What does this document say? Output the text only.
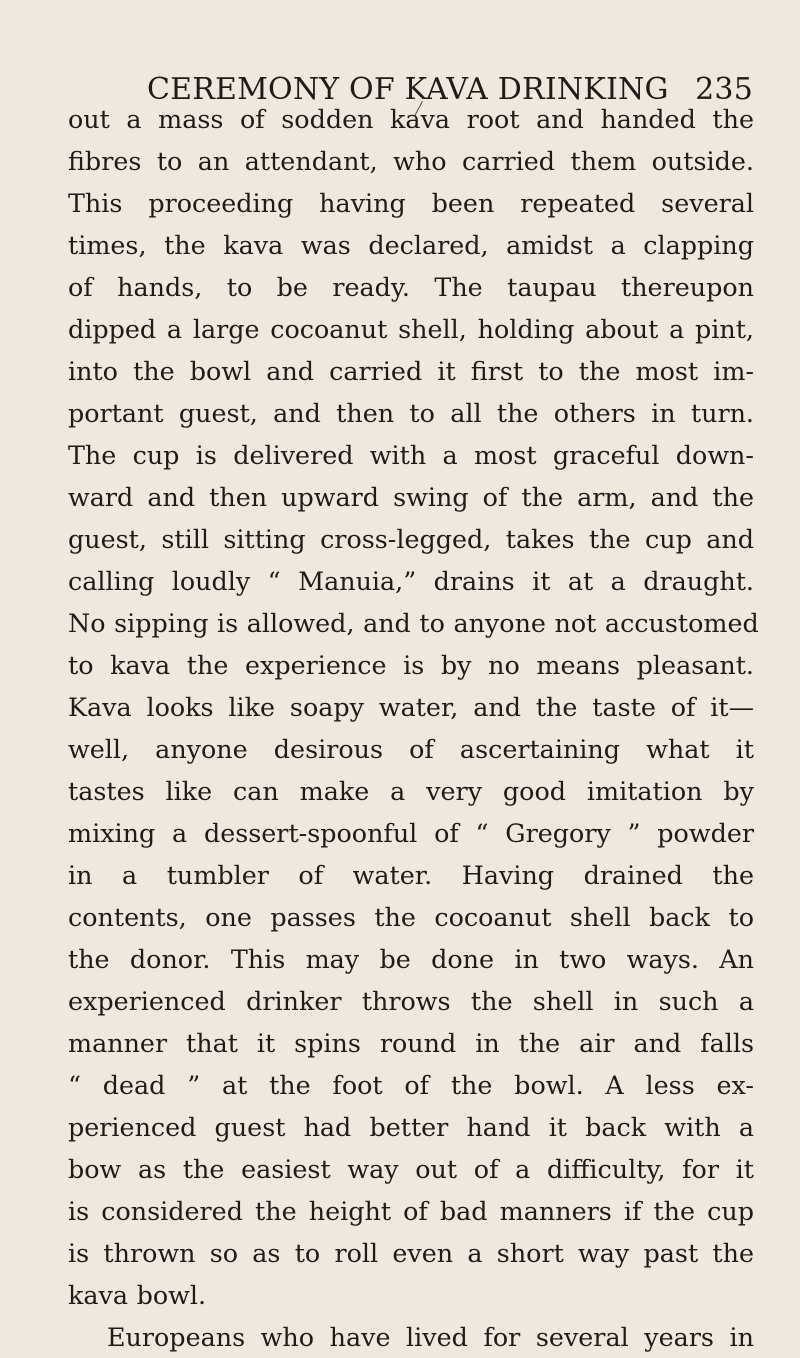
CEREMONY OF KAVA DRINKING 235
out a mass of sodden kava root and handed the
fibres to an attendant, who carried them outside.
This proceeding having been repeated several
times, the kava was declared, amidst a clapping
of hands, to be ready. The taupau thereupon
dipped a large cocoanut shell, holding about a pint,
into the bowl and carried it first to the most im-
portant guest, and then to all the others in turn.
The cup is delivered with a most graceful down-
ward and then upward swing of the arm, and the
guest, still sitting cross-legged, takes the cup and
calling loudly “ Manuia,” drains it at a draught.
No sipping is allowed, and to anyone not accustomed
to kava the experience is by no means pleasant.
Kava looks like soapy water, and the taste of it—
well, anyone desirous of ascertaining what it
tastes like can make a very good imitation by
mixing a dessert-spoonful of “ Gregory ” powder
in a tumbler of water. Having drained the
contents, one passes the cocoanut shell back to
the donor. This may be done in two ways. An
experienced drinker throws the shell in such a
manner that it spins round in the air and falls
“ dead ” at the foot of the bowl. A less ex-
perienced guest had better hand it back with a
bow as the easiest way out of a difficulty, for it
is considered the height of bad manners if the cup
is thrown so as to roll even a short way past the
kava bowl.
Europeans who have lived for several years in
